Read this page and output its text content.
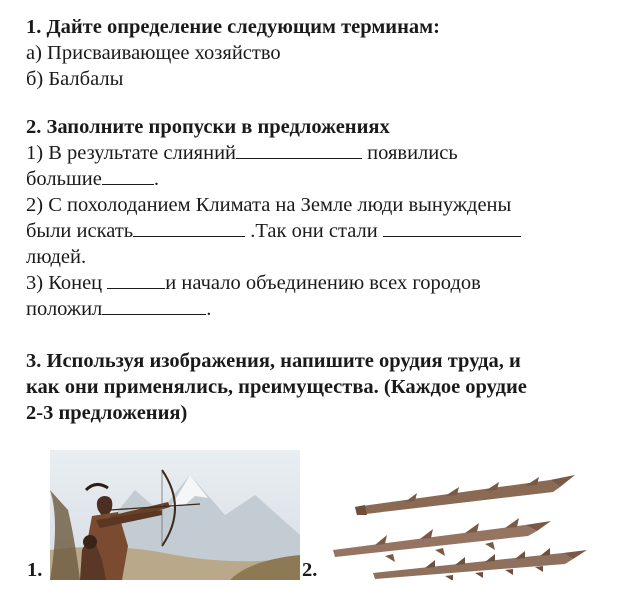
1. Дайте определение следующим терминам:

а) Присваивающее хозяйство

б) Балбалы

2. Заполните пропуски в предложениях

1) В результате слияний	появились

большие	.

2) С похолоданием Климата на Земле люди вынуждены

были искать	.Так они стали

людей.

3) Конец	и начало объединению всех городов

положил	.

3. Используя изображения, напишите орудия труда, и

как они применялись, преимущества. (Каждое орудие

2-3 предложения)

1.	2.
